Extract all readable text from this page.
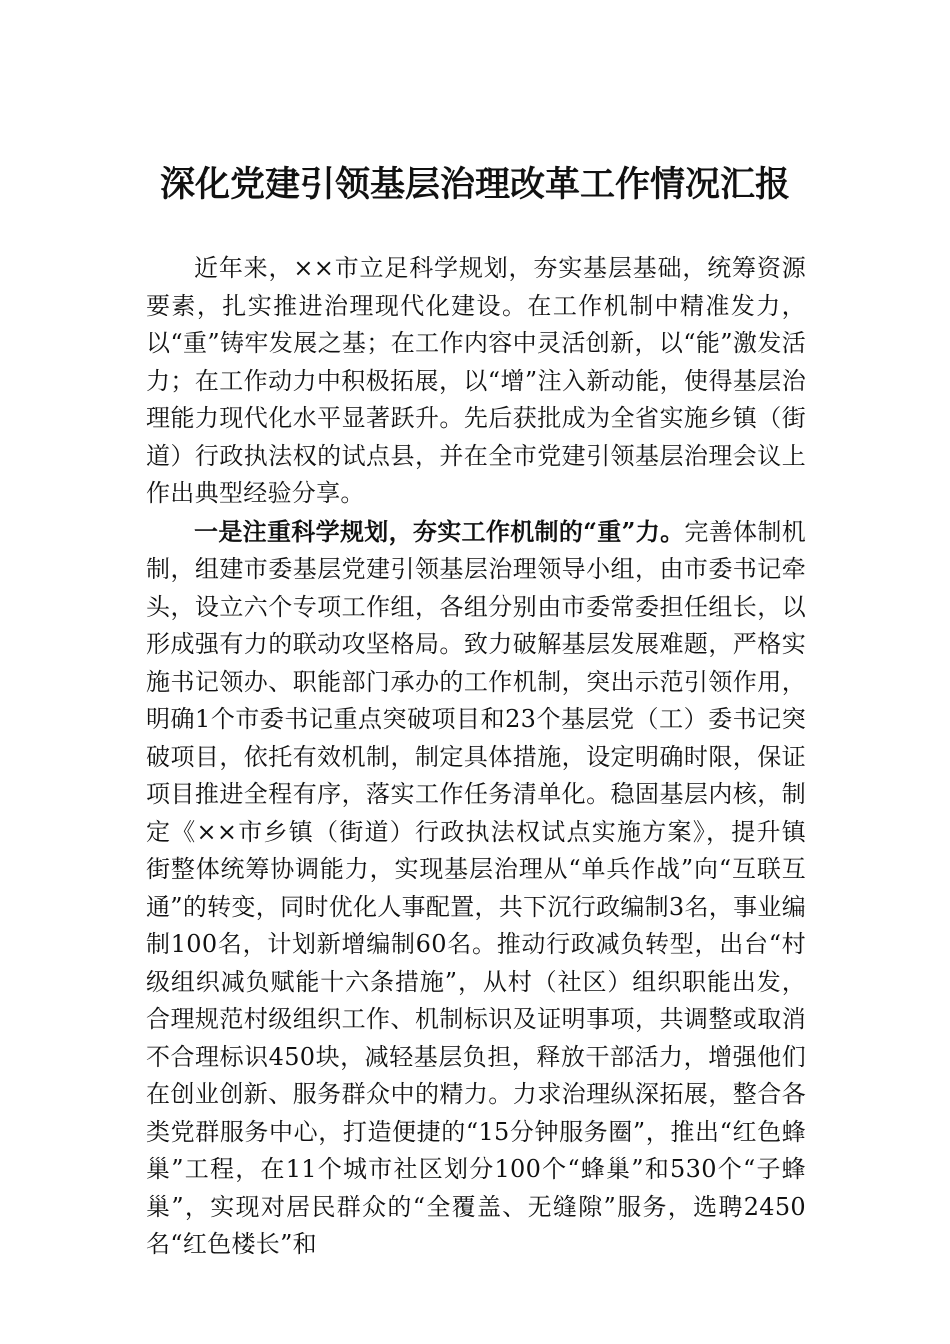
深化党建引领基层治理改革工作情况汇报

近年来，××市立足科学规划，夯实基层基础，统筹资源要素，扎实推进治理现代化建设。在工作机制中精准发力，以“重”铸牢发展之基；在工作内容中灵活创新，以“能”激发活力；在工作动力中积极拓展，以“增”注入新动能，使得基层治理能力现代化水平显著跃升。先后获批成为全省实施乡镇（街道）行政执法权的试点县，并在全市党建引领基层治理会议上作出典型经验分享。

一是注重科学规划，夯实工作机制的“重”力。完善体制机制，组建市委基层党建引领基层治理领导小组，由市委书记牵头，设立六个专项工作组，各组分别由市委常委担任组长，以形成强有力的联动攻坚格局。致力破解基层发展难题，严格实施书记领办、职能部门承办的工作机制，突出示范引领作用，明确1个市委书记重点突破项目和23个基层党（工）委书记突破项目，依托有效机制，制定具体措施，设定明确时限，保证项目推进全程有序，落实工作任务清单化。稳固基层内核，制定《××市乡镇（街道）行政执法权试点实施方案》，提升镇街整体统筹协调能力，实现基层治理从“单兵作战”向“互联互通”的转变，同时优化人事配置，共下沉行政编制3名，事业编制100名，计划新增编制60名。推动行政减负转型，出台“村级组织减负赋能十六条措施”，从村（社区）组织职能出发，合理规范村级组织工作、机制标识及证明事项，共调整或取消不合理标识450块，减轻基层负担，释放干部活力，增强他们在创业创新、服务群众中的精力。力求治理纵深拓展，整合各类党群服务中心，打造便捷的“15分钟服务圈”，推出“红色蜂巢”工程，在11个城市社区划分100个“蜂巢”和530个“子蜂巢”，实现对居民群众的“全覆盖、无缝隙”服务，选聘2450名“红色楼长”和
